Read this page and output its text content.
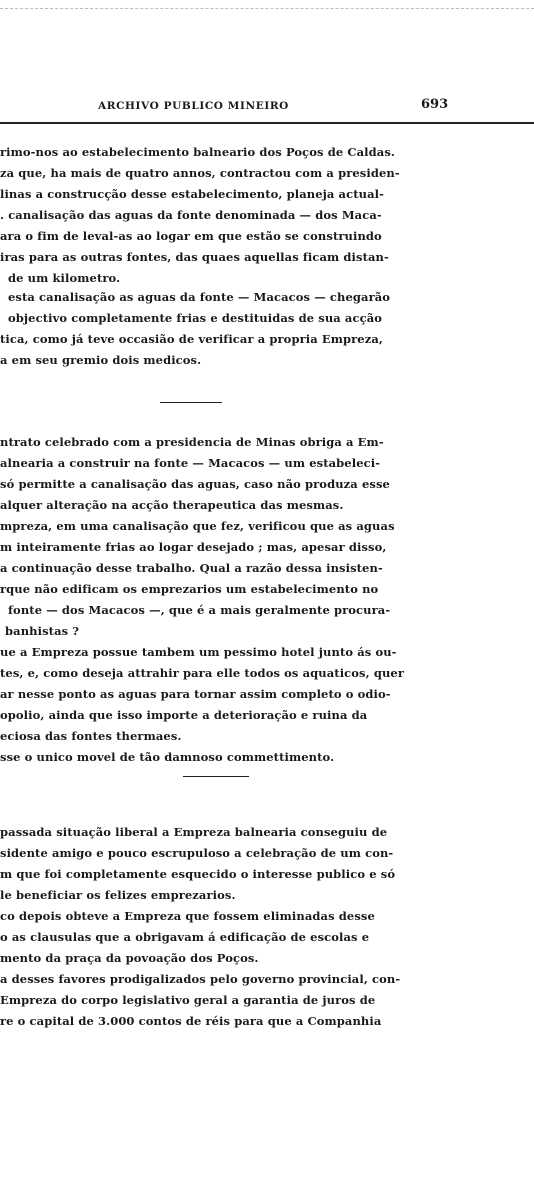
ARCHIVO PUBLICO MINEIRO	693
rimo-nos ao estabelecimento balneario dos Poços de Caldas.
za que, ha mais de quatro annos, contractou com a presiden-
linas a construcção desse estabelecimento, planeja actual-
. canalisação das aguas da fonte denominada — dos Maca-
ara o fim de leval-as ao logar em que estão se construindo
iras para as outras fontes, das quaes aquellas ficam distan-
de um kilometro.
esta canalisação as aguas da fonte — Macacos — chegarão
objectivo completamente frias e destituidas de sua acção
tica, como já teve occasião de verificar a propria Empreza,
a em seu gremio dois medicos.
ntrato celebrado com a presidencia de Minas obriga a Em-
alnearia a construir na fonte — Macacos — um estabeleci-
só permitte a canalisação das aguas, caso não produza esse
alquer alteração na acção therapeutica das mesmas.
mpreza, em uma canalisação que fez, verificou que as aguas
m inteiramente frias ao logar desejado ; mas, apesar disso,
a continuação desse trabalho. Qual a razão dessa insisten-
rque não edificam os emprezarios um estabelecimento no
fonte — dos Macacos —, que é a mais geralmente procura-
banhistas ?
ue a Empreza possue tambem um pessimo hotel junto ás ou-
tes, e, como deseja attrahir para elle todos os aquaticos, quer
ar nesse ponto as aguas para tornar assim completo o odio-
opolio, ainda que isso importe a deterioração e ruina da
eciosa das fontes thermaes.
sse o unico movel de tão damnoso commettimento.
passada situação liberal a Empreza balnearia conseguiu de
sidente amigo e pouco escrupuloso a celebração de um con-
m que foi completamente esquecido o interesse publico e só
le beneficiar os felizes emprezarios.
co depois obteve a Empreza que fossem eliminadas desse
o as clausulas que a obrigavam á edificação de escolas e
mento da praça da povoação dos Poços.
a desses favores prodigalizados pelo governo provincial, con-
Empreza do corpo legislativo geral a garantia de juros de
re o capital de 3.000 contos de réis para que a Companhia
